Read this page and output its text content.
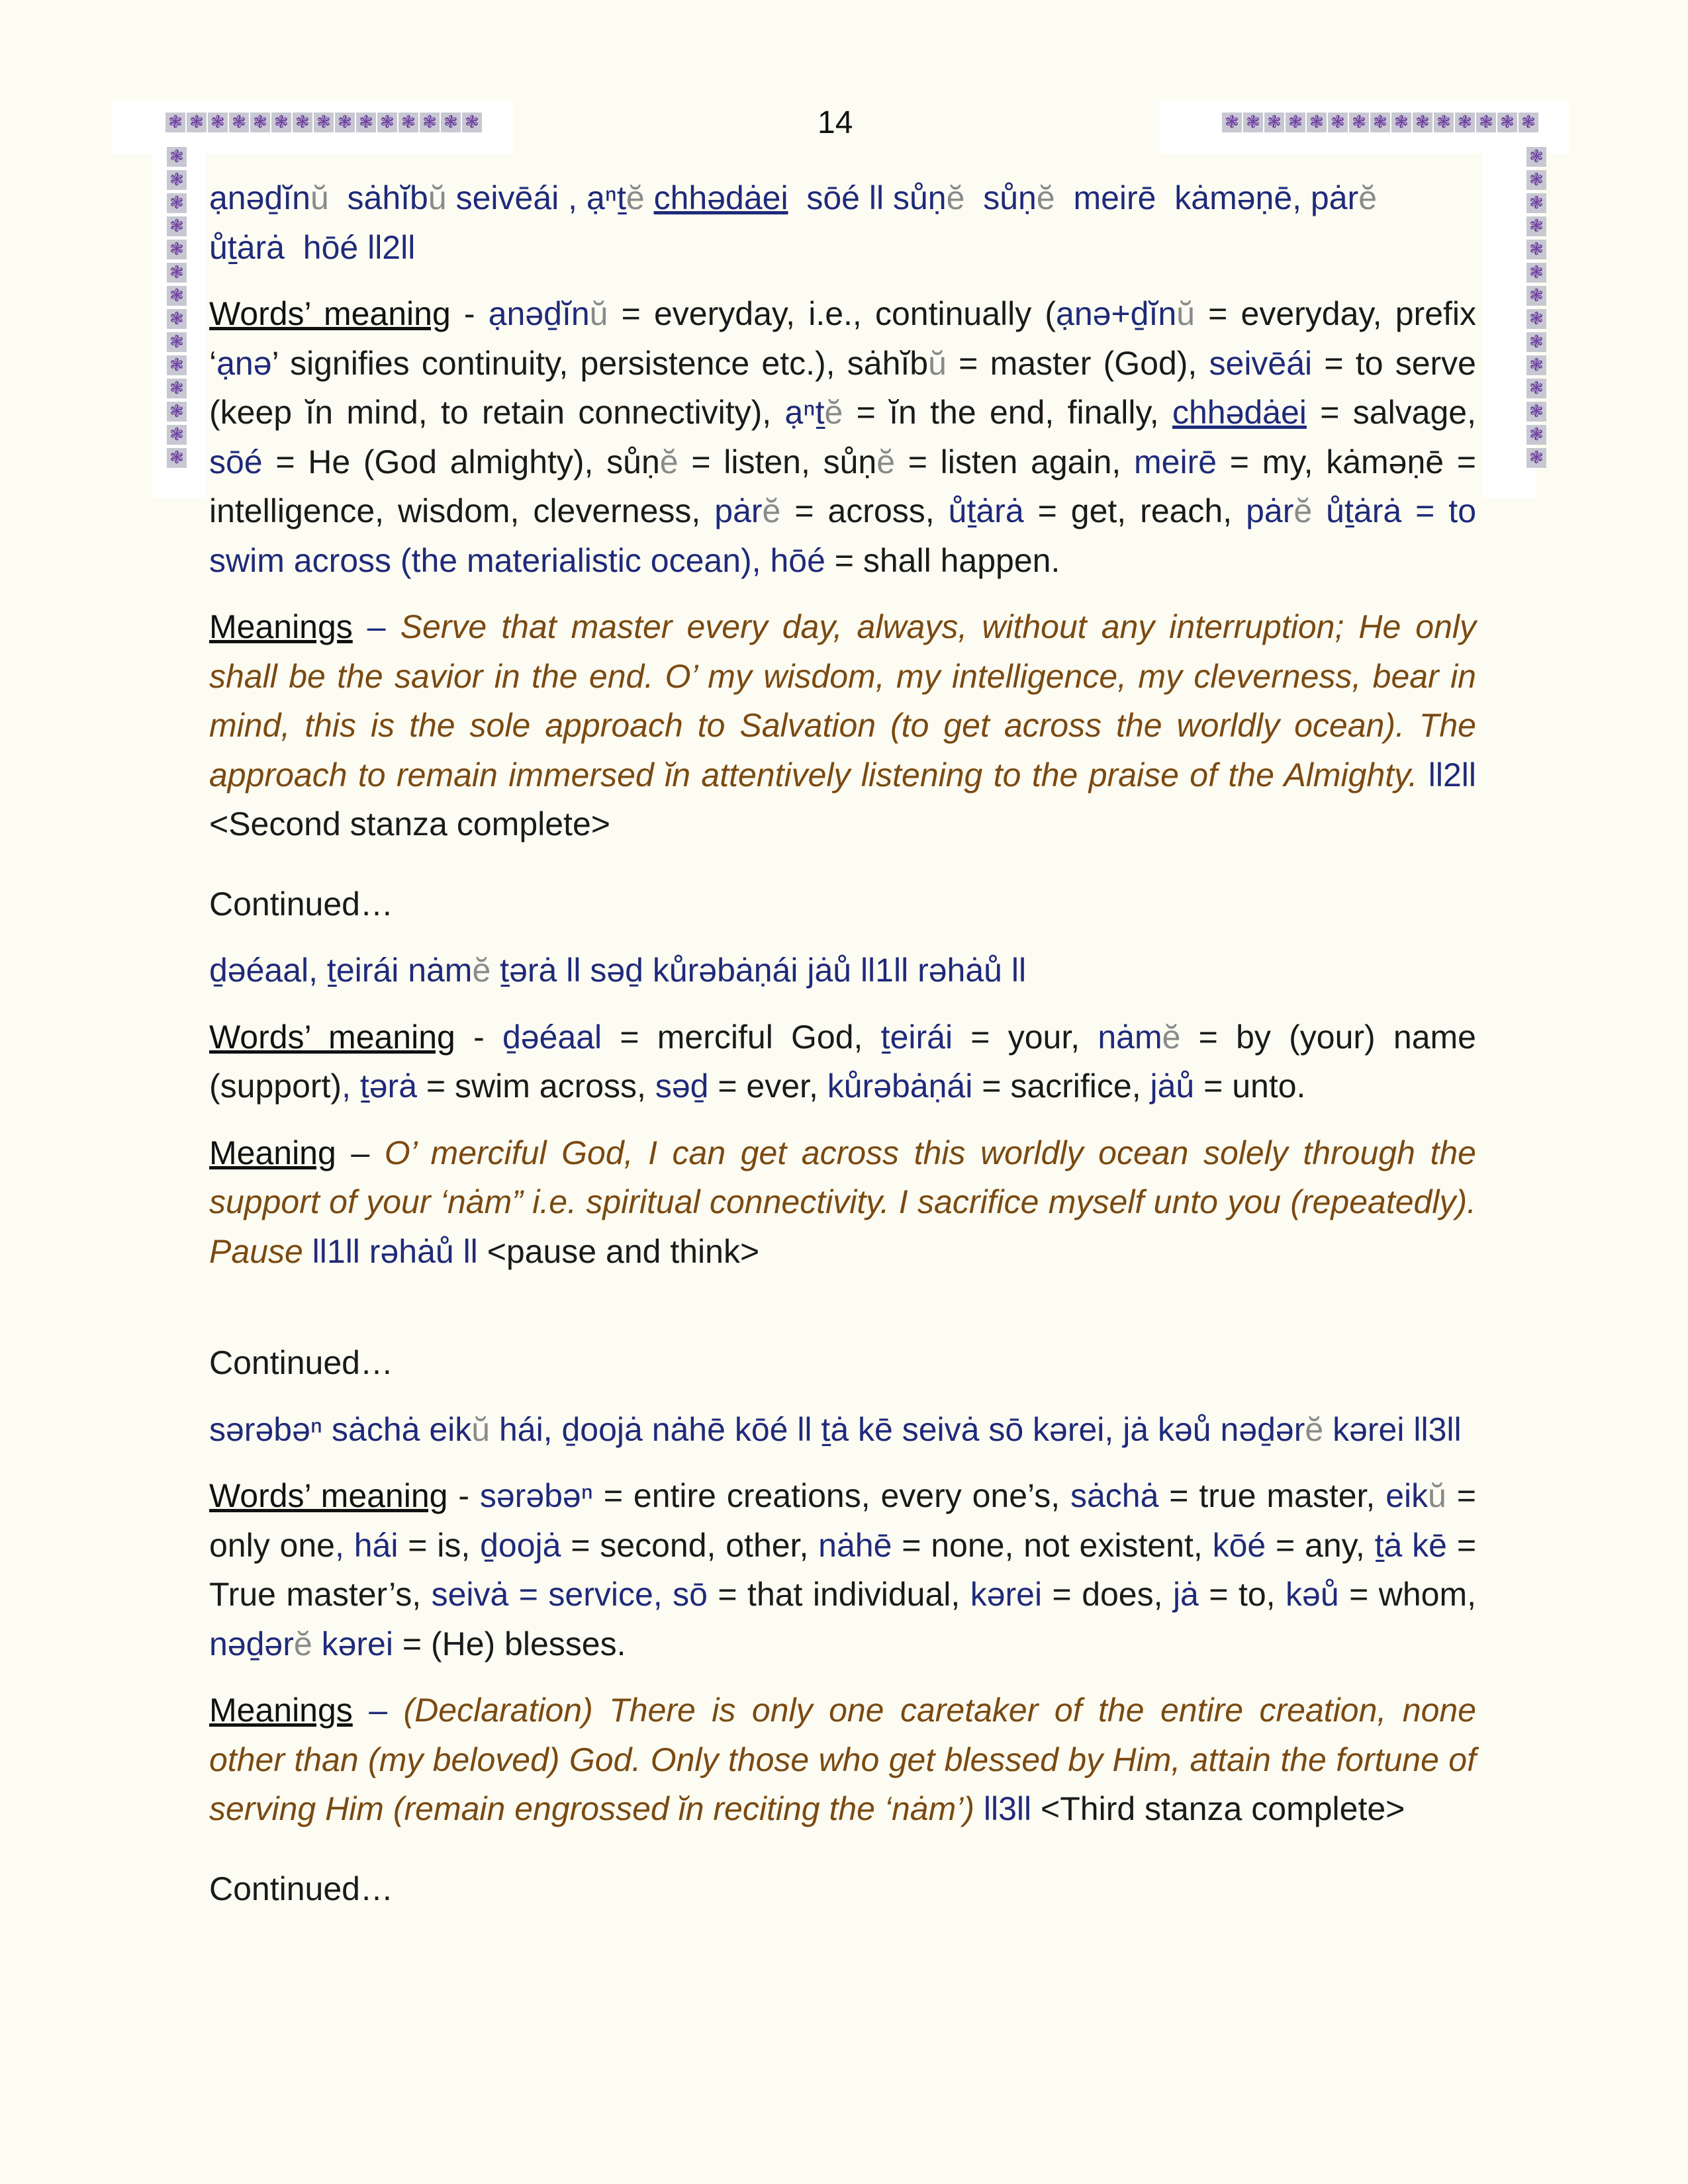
❃ ❃ ❃ ❃ ❃ ❃ ❃ ❃ ❃ ❃ ❃ ❃ ❃ ❃ ❃	❃ ❃ ❃ ❃ ❃ ❃ ❃ ❃ ❃ ❃ ❃ ❃ ❃ ❃ ❃
❃
❃
❃
❃
❃
❃
❃
❃
❃
❃
❃
❃
❃
❃
❃
❃
❃
❃
❃
❃
❃
❃
❃
❃
❃
❃
❃
❃
14

ạnəḏĭnŭ sȧhĭbŭ seivēái , ạⁿṯĕ chhədȧei sōé ll sůṇĕ sůṇĕ meirē kȧməṇē, pȧrĕ ůṯȧrȧ hōé ll2ll

Words’ meaning - ạnəḏĭnŭ = everyday, i.e., continually (ạnə+ḏĭnŭ = everyday, prefix ‘ạnə’ signifies continuity, persistence etc.), sȧhĭbŭ = master (God), seivēái = to serve (keep ĭn mind, to retain connectivity), ạⁿṯĕ = ĭn the end, finally, chhədȧei = salvage, sōé = He (God almighty), sůṇĕ = listen, sůṇĕ = listen again, meirē = my, kȧməṇē = intelligence, wisdom, cleverness, pȧrĕ = across, ůṯȧrȧ = get, reach, pȧrĕ ůṯȧrȧ = to swim across (the materialistic ocean), hōé = shall happen.

Meanings – Serve that master every day, always, without any interruption; He only shall be the savior in the end. O’ my wisdom, my intelligence, my cleverness, bear in mind, this is the sole approach to Salvation (to get across the worldly ocean). The approach to remain immersed ĭn attentively listening to the praise of the Almighty. ll2ll <Second stanza complete>

Continued…

ḏəéaal, ṯeirái nȧmĕ ṯərȧ ll səḏ kůrəbȧṇái jȧů ll1ll rəhȧů ll

Words’ meaning - ḏəéaal = merciful God, ṯeirái = your, nȧmĕ = by (your) name (support), ṯərȧ = swim across, səḏ = ever, kůrəbȧṇái = sacrifice, jȧů = unto.

Meaning – O’ merciful God, I can get across this worldly ocean solely through the support of your ‘nȧm” i.e. spiritual connectivity. I sacrifice myself unto you (repeatedly). Pause ll1ll rəhȧů ll <pause and think>

Continued…

sərəbəⁿ sȧchȧ eikŭ hái, ḏoojȧ nȧhē kōé ll ṯȧ kē seivȧ sō kərei, jȧ kəů nəḏərĕ kərei ll3ll

Words’ meaning - sərəbəⁿ = entire creations, every one’s, sȧchȧ = true master, eikŭ = only one, hái = is, ḏoojȧ = second, other, nȧhē = none, not existent, kōé = any, ṯȧ kē = True master’s, seivȧ = service, sō = that individual, kərei = does, jȧ = to, kəů = whom, nəḏərĕ kərei = (He) blesses.

Meanings – (Declaration) There is only one caretaker of the entire creation, none other than (my beloved) God. Only those who get blessed by Him, attain the fortune of serving Him (remain engrossed ĭn reciting the ‘nȧm’) ll3ll <Third stanza complete>

Continued…
